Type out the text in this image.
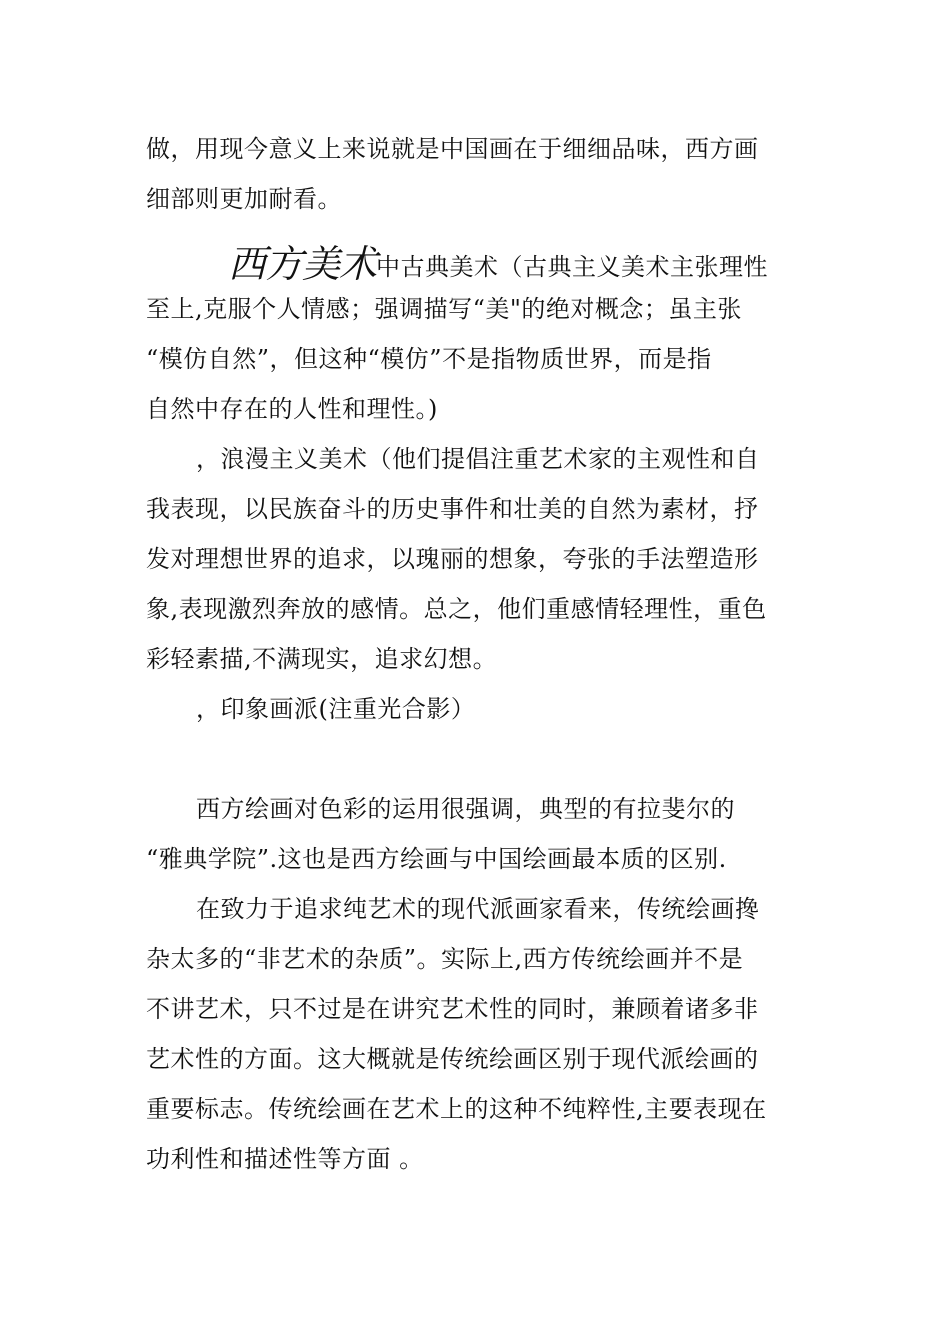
做，用现今意义上来说就是中国画在于细细品味，西方画
细部则更加耐看。
西方美术中古典美术（古典主义美术主张理性
至上,克服个人情感；强调描写“美"的绝对概念；虽主张
“模仿自然”，但这种“模仿”不是指物质世界，而是指
自然中存在的人性和理性。)
，浪漫主义美术（他们提倡注重艺术家的主观性和自
我表现，以民族奋斗的历史事件和壮美的自然为素材，抒
发对理想世界的追求，以瑰丽的想象，夸张的手法塑造形
象,表现激烈奔放的感情。总之，他们重感情轻理性，重色
彩轻素描,不满现实，追求幻想。
，印象画派(注重光合影）
西方绘画对色彩的运用很强调，典型的有拉斐尔的
“雅典学院”.这也是西方绘画与中国绘画最本质的区别.
在致力于追求纯艺术的现代派画家看来，传统绘画搀
杂太多的“非艺术的杂质”。实际上,西方传统绘画并不是
不讲艺术，只不过是在讲究艺术性的同时，兼顾着诸多非
艺术性的方面。这大概就是传统绘画区别于现代派绘画的
重要标志。传统绘画在艺术上的这种不纯粹性,主要表现在
功利性和描述性等方面 。
